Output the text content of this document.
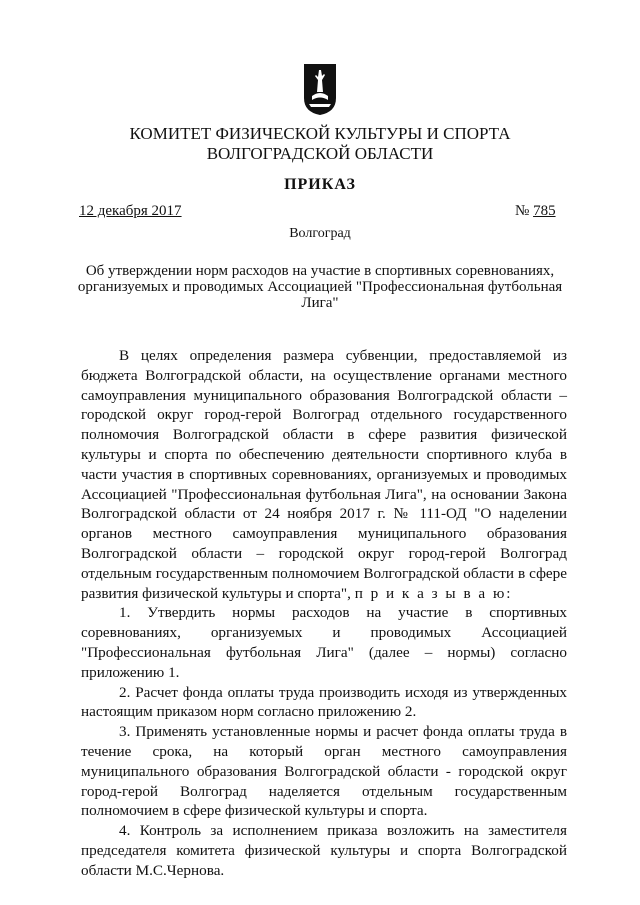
КОМИТЕТ ФИЗИЧЕСКОЙ КУЛЬТУРЫ И СПОРТА
ВОЛГОГРАДСКОЙ ОБЛАСТИ
ПРИКАЗ
12 декабря 2017	№ 785
Волгоград
Об утверждении норм расходов на участие в спортивных соревнованиях,
организуемых и проводимых Ассоциацией "Профессиональная футбольная
Лига"

В целях определения размера субвенции, предоставляемой из бюджета Волгоградской области, на осуществление органами местного самоуправления муниципального образования Волгоградской области – городской округ город-герой Волгоград отдельного государственного полномочия Волгоградской области в сфере развития физической культуры и спорта по обеспечению деятельности спортивного клуба в части участия в спортивных соревнованиях, организуемых и проводимых Ассоциацией "Профессиональная футбольная Лига", на основании Закона Волгоградской области от 24 ноября 2017 г. № 111-ОД "О наделении органов местного самоуправления муниципального образования Волгоградской области – городской округ город-герой Волгоград отдельным государственным полномочием Волгоградской области в сфере развития физической культуры и спорта", п р и к а з ы в а ю:

1. Утвердить нормы расходов на участие в спортивных соревнованиях, организуемых и проводимых Ассоциацией "Профессиональная футбольная Лига" (далее – нормы) согласно приложению 1.

2. Расчет фонда оплаты труда производить исходя из утвержденных настоящим приказом норм согласно приложению 2.

3. Применять установленные нормы и расчет фонда оплаты труда в течение срока, на который орган местного самоуправления муниципального образования Волгоградской области - городской округ город-герой Волгоград наделяется отдельным государственным полномочием в сфере физической культуры и спорта.

4. Контроль за исполнением приказа возложить на заместителя председателя комитета физической культуры и спорта Волгоградской области М.С.Чернова.
